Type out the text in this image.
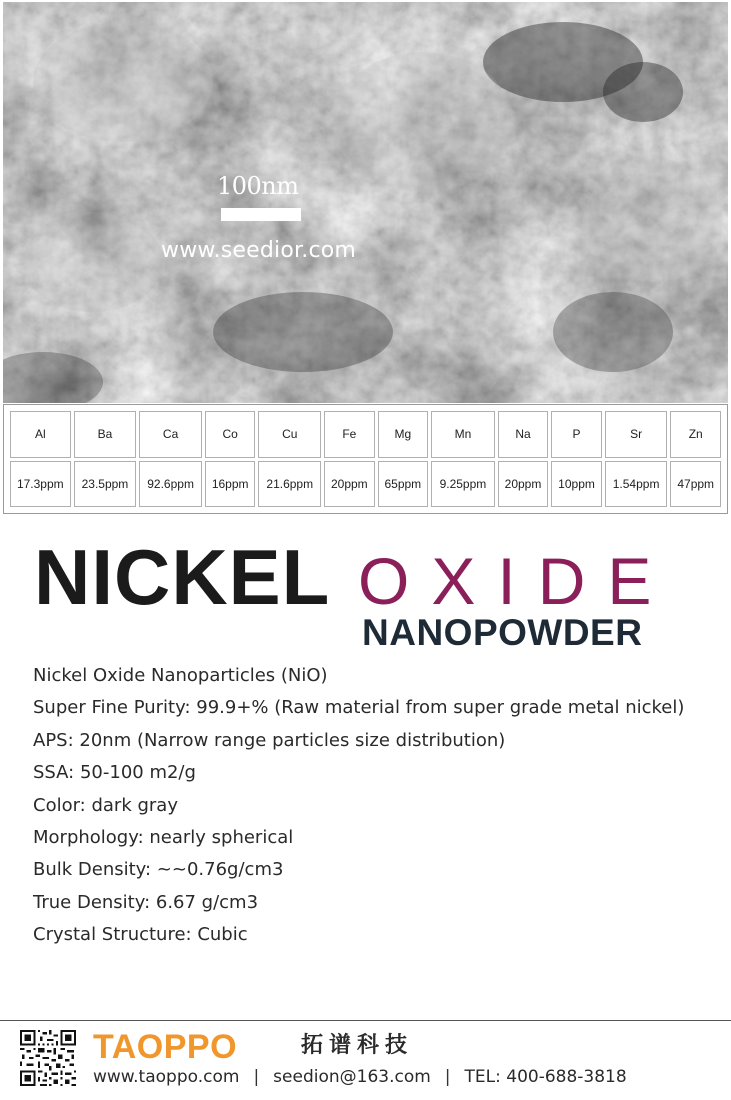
100nm
www.seedior.com
Al	Ba	Ca	Co	Cu	Fe	Mg	Mn	Na	P	Sr	Zn
17.3ppm	23.5ppm	92.6ppm	16ppm	21.6ppm	20ppm	65ppm	9.25ppm	20ppm	10ppm	1.54ppm	47ppm
NICKEL OXIDE
NANOPOWDER
Nickel Oxide Nanoparticles (NiO)
Super Fine Purity: 99.9+% (Raw material from super grade metal nickel)
APS: 20nm (Narrow range particles size distribution)
SSA: 50-100 m2/g
Color: dark gray
Morphology: nearly spherical
Bulk Density: ~~0.76g/cm3
True Density: 6.67 g/cm3
Crystal Structure: Cubic
TAOPPO	拓谱科技
www.taoppo.com | seedion@163.com | TEL: 400-688-3818
